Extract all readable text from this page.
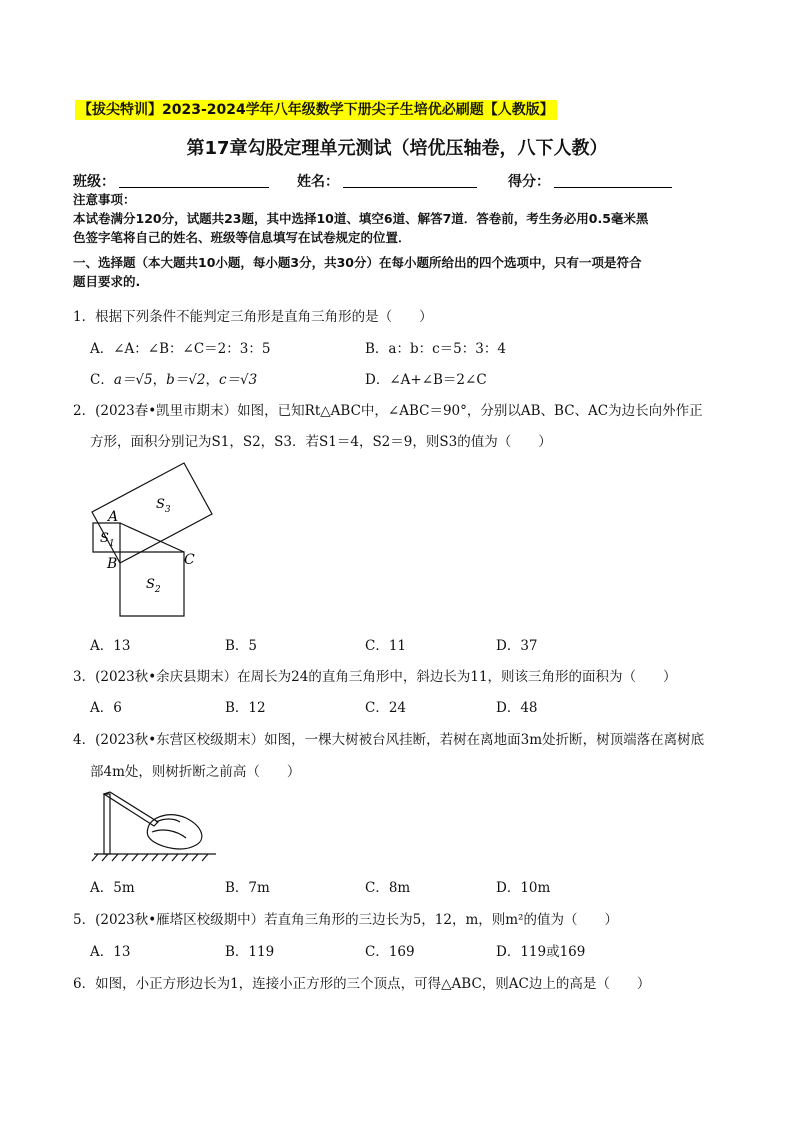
【拔尖特训】2023-2024学年八年级数学下册尖子生培优必刷题【人教版】
第17章勾股定理单元测试（培优压轴卷，八下人教）
班级：	姓名：	得分：
注意事项：
本试卷满分120分，试题共23题，其中选择10道、填空6道、解答7道．答卷前，考生务必用0.5毫米黑
色签字笔将自己的姓名、班级等信息填写在试卷规定的位置．
一、选择题（本大题共10小题，每小题3分，共30分）在每小题所给出的四个选项中，只有一项是符合
题目要求的.
1．根据下列条件不能判定三角形是直角三角形的是（　　）
A．∠A：∠B：∠C＝2：3：5	B．a：b：c＝5：3：4
C．a＝√5，b＝√2，c＝√3	D．∠A+∠B＝2∠C
2．(2023春•凯里市期末）如图，已知Rt△ABC中，∠ABC＝90°，分别以AB、BC、AC为边长向外作正
方形，面积分别记为S1，S2，S3．若S1＝4，S2＝9，则S3的值为（　　）
A
B	C
$S_1$
$S_2$
$S_3$
A．13	B．5	C．11	D．37
3．(2023秋•余庆县期末）在周长为24的直角三角形中，斜边长为11，则该三角形的面积为（　　）
A．6	B．12	C．24	D．48
4．(2023秋•东营区校级期末）如图，一棵大树被台风挂断，若树在离地面3m处折断，树顶端落在离树底
部4m处，则树折断之前高（　　）
A．5m	B．7m	C．8m	D．10m
5．(2023秋•雁塔区校级期中）若直角三角形的三边长为5，12，m，则m²的值为（　　）
A．13	B．119	C．169	D．119或169
6．如图，小正方形边长为1，连接小正方形的三个顶点，可得△ABC，则AC边上的高是（　　）
